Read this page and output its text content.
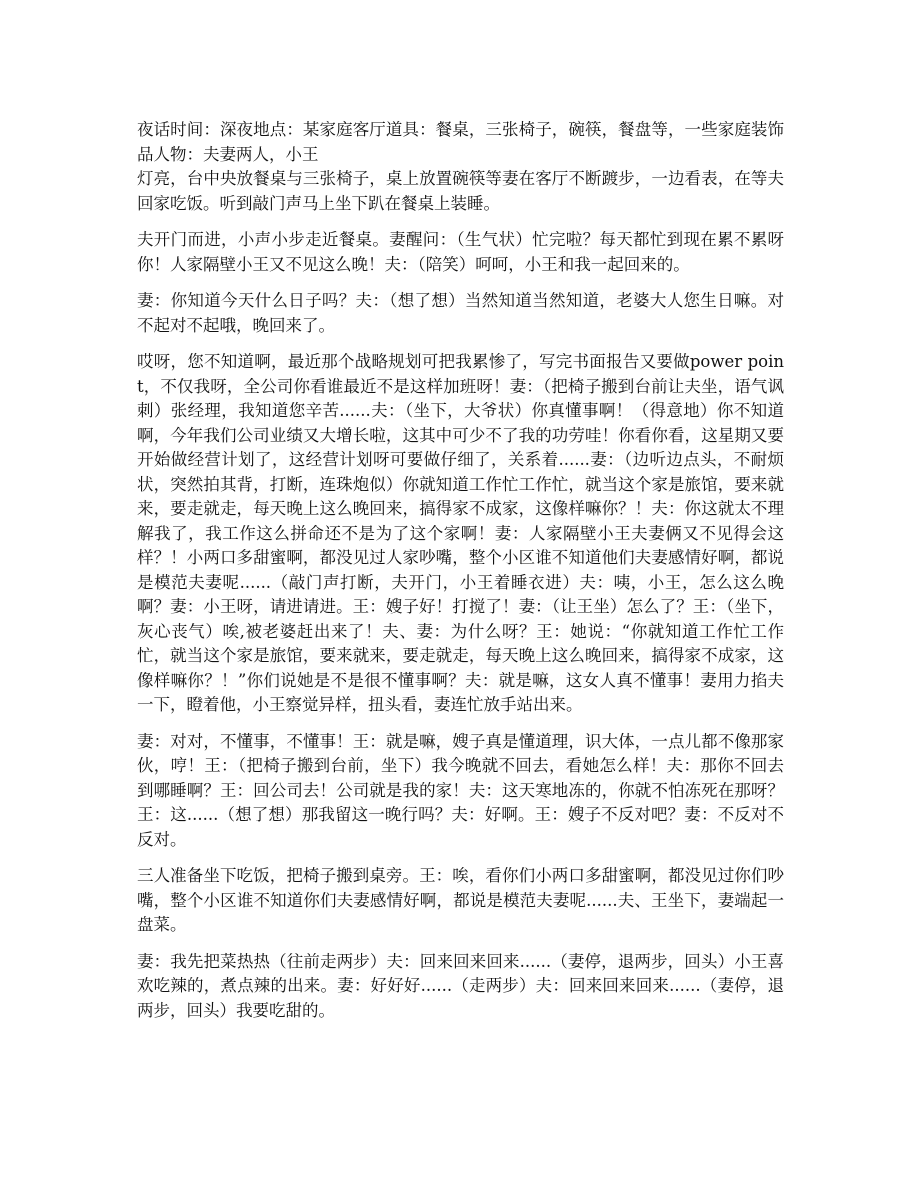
夜话时间：深夜地点：某家庭客厅道具：餐桌，三张椅子，碗筷，餐盘等，一些家庭装饰品人物：夫妻两人，小王

灯亮，台中央放餐桌与三张椅子，桌上放置碗筷等妻在客厅不断踱步，一边看表，在等夫回家吃饭。听到敲门声马上坐下趴在餐桌上装睡。

夫开门而进，小声小步走近餐桌。妻醒问：（生气状）忙完啦？每天都忙到现在累不累呀你！人家隔壁小王又不见这么晚！夫：（陪笑）呵呵，小王和我一起回来的。

妻：你知道今天什么日子吗？夫：（想了想）当然知道当然知道，老婆大人您生日嘛。对不起对不起哦，晚回来了。

哎呀，您不知道啊，最近那个战略规划可把我累惨了，写完书面报告又要做power point，不仅我呀，全公司你看谁最近不是这样加班呀！妻：（把椅子搬到台前让夫坐，语气讽刺）张经理，我知道您辛苦......夫：（坐下，大爷状）你真懂事啊！（得意地）你不知道啊，今年我们公司业绩又大增长啦，这其中可少不了我的功劳哇！你看你看，这星期又要开始做经营计划了，这经营计划呀可要做仔细了，关系着......妻：（边听边点头，不耐烦状，突然拍其背，打断，连珠炮似）你就知道工作忙工作忙，就当这个家是旅馆，要来就来，要走就走，每天晚上这么晚回来，搞得家不成家，这像样嘛你？！夫：你这就太不理解我了，我工作这么拼命还不是为了这个家啊！妻：人家隔壁小王夫妻俩又不见得会这样？！小两口多甜蜜啊，都没见过人家吵嘴，整个小区谁不知道他们夫妻感情好啊，都说是模范夫妻呢......（敲门声打断，夫开门，小王着睡衣进）夫：咦，小王，怎么这么晚啊？妻：小王呀，请进请进。王：嫂子好！打搅了！妻：（让王坐）怎么了？王：（坐下，灰心丧气）唉,被老婆赶出来了！夫、妻：为什么呀？王：她说：“你就知道工作忙工作忙，就当这个家是旅馆，要来就来，要走就走，每天晚上这么晚回来，搞得家不成家，这像样嘛你？！”你们说她是不是很不懂事啊？夫：就是嘛，这女人真不懂事！妻用力掐夫一下，瞪着他，小王察觉异样，扭头看，妻连忙放手站出来。

妻：对对，不懂事，不懂事！王：就是嘛，嫂子真是懂道理，识大体，一点儿都不像那家伙，哼！王：（把椅子搬到台前，坐下）我今晚就不回去，看她怎么样！夫：那你不回去到哪睡啊？王：回公司去！公司就是我的家！夫：这天寒地冻的，你就不怕冻死在那呀？王：这......（想了想）那我留这一晚行吗？夫：好啊。王：嫂子不反对吧？妻：不反对不反对。

三人准备坐下吃饭，把椅子搬到桌旁。王：唉，看你们小两口多甜蜜啊，都没见过你们吵嘴，整个小区谁不知道你们夫妻感情好啊，都说是模范夫妻呢......夫、王坐下，妻端起一盘菜。

妻：我先把菜热热（往前走两步）夫：回来回来回来......（妻停，退两步，回头）小王喜欢吃辣的，煮点辣的出来。妻：好好好......（走两步）夫：回来回来回来......（妻停，退两步，回头）我要吃甜的。
